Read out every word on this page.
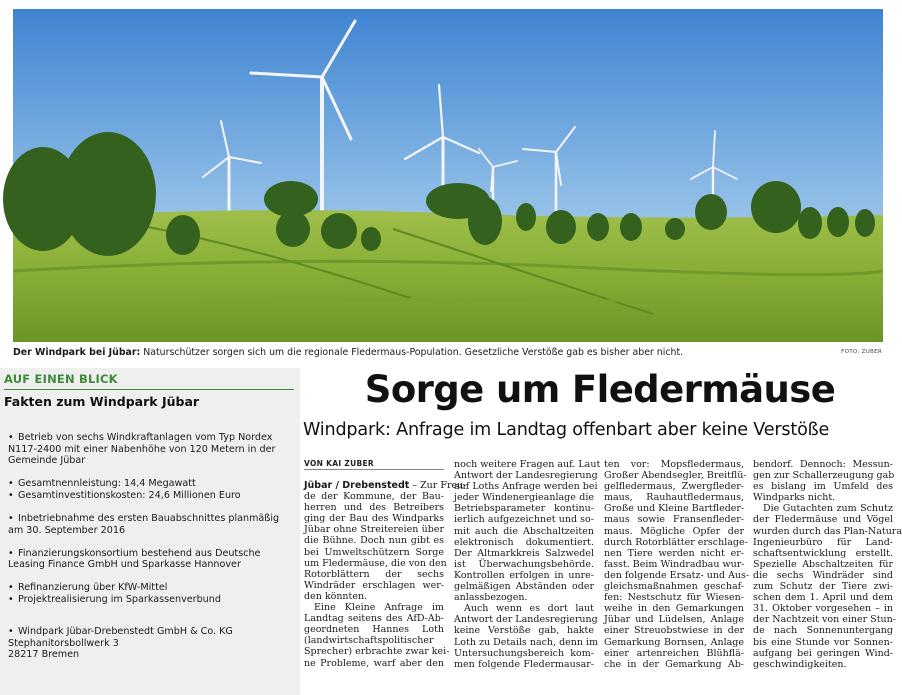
Der Windpark bei Jübar: Naturschützer sorgen sich um die regionale Fledermaus-Population. Gesetzliche Verstöße gab es bisher aber nicht.	FOTO: ZUBER
AUF EINEN BLICK
Fakten zum Windpark Jübar
• Betrieb von sechs Windkraftanlagen vom Typ Nordex
N117-2400 mit einer Nabenhöhe von 120 Metern in der
Gemeinde Jübar
• Gesamtnennleistung: 14,4 Megawatt
• Gesamtinvestitionskosten: 24,6 Millionen Euro
• Inbetriebnahme des ersten Bauabschnittes planmäßig
am 30. September 2016
• Finanzierungskonsortium bestehend aus Deutsche
Leasing Finance GmbH und Sparkasse Hannover
• Refinanzierung über KfW-Mittel
• Projektrealisierung im Sparkassenverbund
• Windpark Jübar-Drebenstedt GmbH & Co. KG
Stephanitorsbollwerk 3
28217 Bremen
Sorge um Fledermäuse
Windpark: Anfrage im Landtag offenbart aber keine Verstöße
VON KAI ZUBER
Jübar / Drebenstedt – Zur Freu-
de der Kommune, der Bau-
herren und des Betreibers
ging der Bau des Windparks
Jübar ohne Streitereien über
die Bühne. Doch nun gibt es
bei Umweltschützern Sorge
um Fledermäuse, die von den
Rotorblättern der sechs
Windräder erschlagen wer-
den könnten.
Eine Kleine Anfrage im
Landtag seitens des AfD-Ab-
geordneten Hannes Loth
(landwirtschaftspolitischer
Sprecher) erbrachte zwar kei-
ne Probleme, warf aber den
noch weitere Fragen auf. Laut
Antwort der Landesregierung
auf Loths Anfrage werden bei
jeder Windenergieanlage die
Betriebsparameter kontinu-
ierlich aufgezeichnet und so-
mit auch die Abschaltzeiten
elektronisch dokumentiert.
Der Altmarkkreis Salzwedel
ist Überwachungsbehörde.
Kontrollen erfolgen in unre-
gelmäßigen Abständen oder
anlassbezogen.
Auch wenn es dort laut
Antwort der Landesregierung
keine Verstöße gab, hakte
Loth zu Details nach, denn im
Untersuchungsbereich kom-
men folgende Fledermausar-
ten vor: Mopsfledermaus,
Großer Abendsegler, Breitflü-
gelfledermaus, Zwergfleder-
maus, Rauhautfledermaus,
Große und Kleine Bartfleder-
maus sowie Fransenfleder-
maus. Mögliche Opfer der
durch Rotorblätter erschlage-
nen Tiere werden nicht er-
fasst. Beim Windradbau wur-
den folgende Ersatz- und Aus-
gleichsmaßnahmen geschaf-
fen: Nestschutz für Wiesen-
weihe in den Gemarkungen
Jübar und Lüdelsen, Anlage
einer Streuobstwiese in der
Gemarkung Bornsen, Anlage
einer artenreichen Blühflä-
che in der Gemarkung Ab-
bendorf. Dennoch: Messun-
gen zur Schallerzeugung gab
es bislang im Umfeld des
Windparks nicht.
Die Gutachten zum Schutz
der Fledermäuse und Vögel
wurden durch das Plan-Natura
Ingenieurbüro für Land-
schaftsentwicklung erstellt.
Spezielle Abschaltzeiten für
die sechs Windräder sind
zum Schutz der Tiere zwi-
schen dem 1. April und dem
31. Oktober vorgesehen – in
der Nachtzeit von einer Stun-
de nach Sonnenuntergang
bis eine Stunde vor Sonnen-
aufgang bei geringen Wind-
geschwindigkeiten.
